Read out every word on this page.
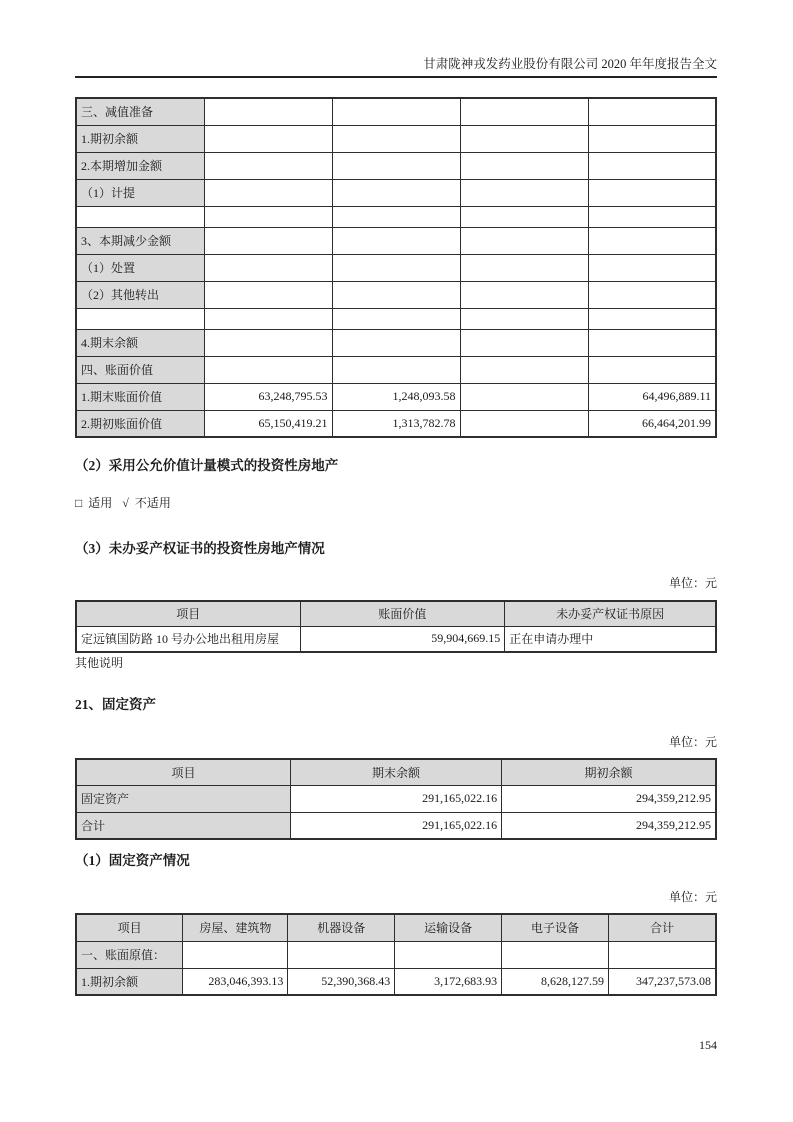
甘肃陇神戎发药业股份有限公司 2020 年年度报告全文
三、减值准备				
1.期初余额				
2.本期增加金额				
（1）计提				

3、本期减少金额				
（1）处置				
（2）其他转出				

4.期末余额				
四、账面价值				
1.期末账面价值	63,248,795.53	1,248,093.58		64,496,889.11
2.期初账面价值	65,150,419.21	1,313,782.78		66,464,201.99
（2）采用公允价值计量模式的投资性房地产
□ 适用 √ 不适用
（3）未办妥产权证书的投资性房地产情况
单位：元
项目	账面价值	未办妥产权证书原因
定远镇国防路 10 号办公地出租用房屋	59,904,669.15	正在申请办理中
其他说明
21、固定资产
单位：元
项目	期末余额	期初余额
固定资产	291,165,022.16	294,359,212.95
合计	291,165,022.16	294,359,212.95
（1）固定资产情况
单位：元
项目	房屋、建筑物	机器设备	运输设备	电子设备	合计
一、账面原值：					
1.期初余额	283,046,393.13	52,390,368.43	3,172,683.93	8,628,127.59	347,237,573.08
154
